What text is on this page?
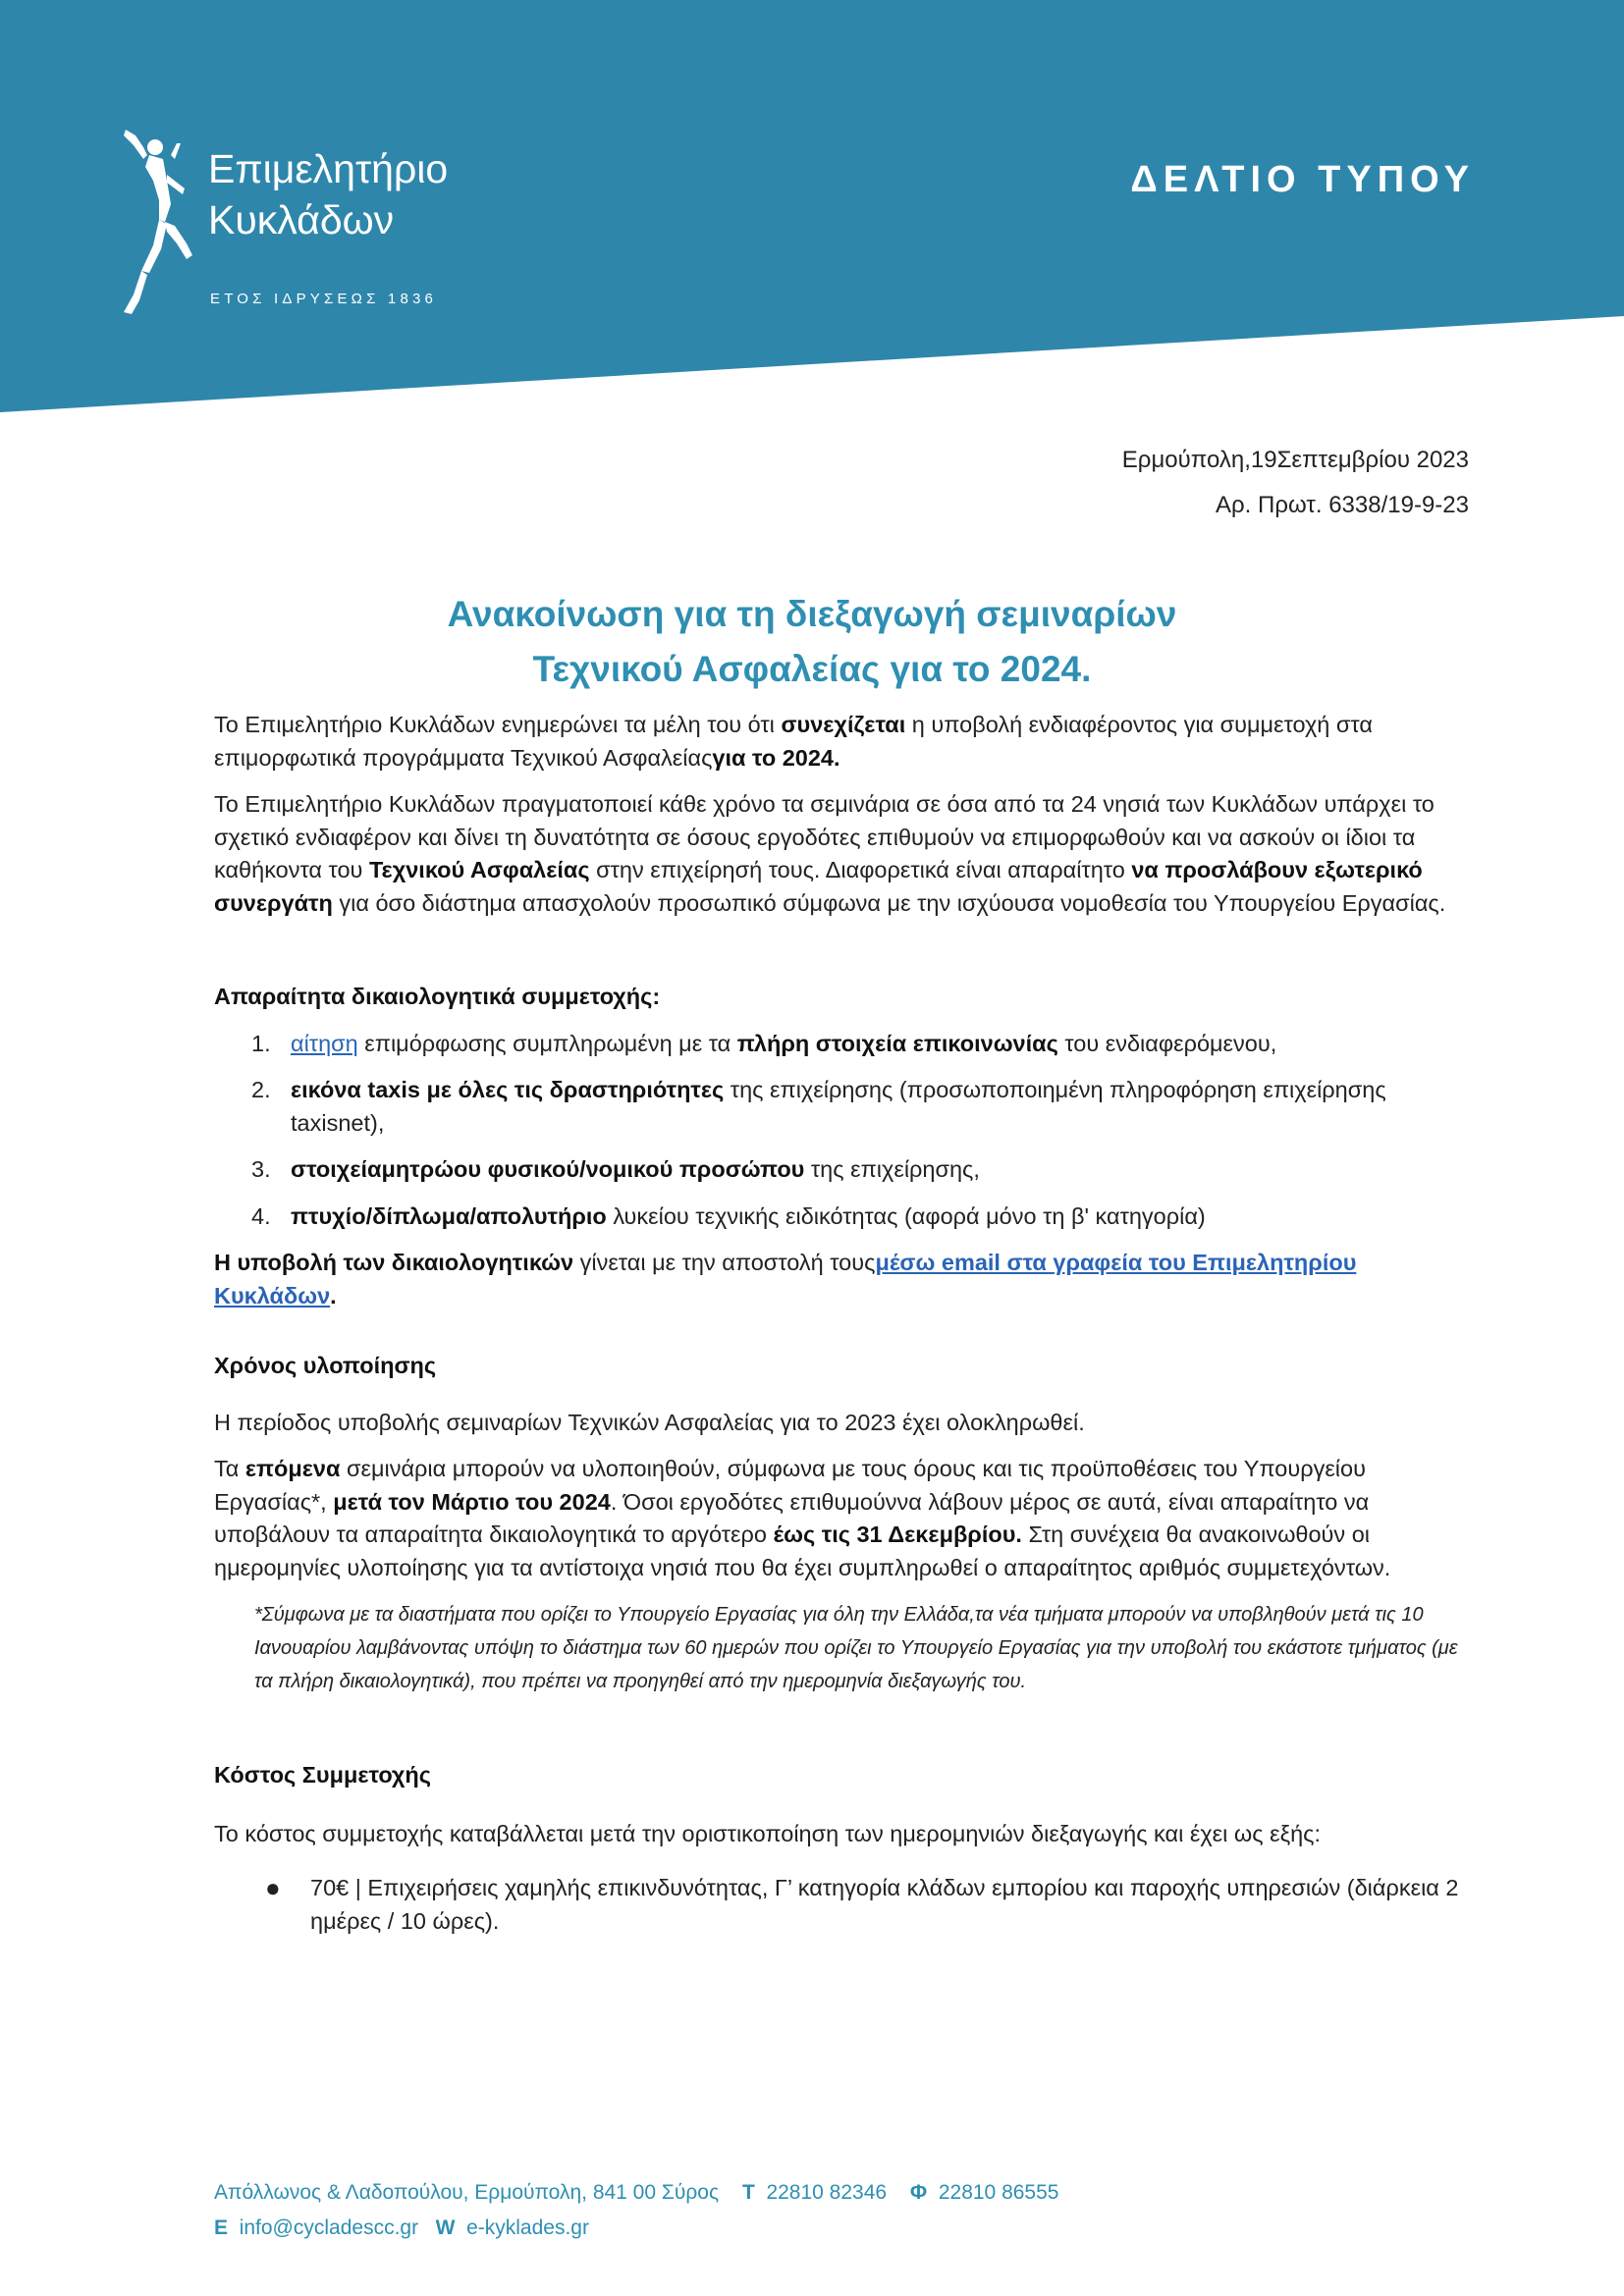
Επιμελητήριο
Κυκλάδων
ΕΤΟΣ ΙΔΡΥΣΕΩΣ 1836
ΔΕΛΤΙΟ ΤΥΠΟΥ
Ερμούπολη,19Σεπτεμβρίου 2023
Αρ. Πρωτ. 6338/19-9-23
Ανακοίνωση για τη διεξαγωγή σεμιναρίων
Τεχνικού Ασφαλείας για το 2024.

Το Επιμελητήριο Κυκλάδων ενημερώνει τα μέλη του ότι συνεχίζεται η υποβολή ενδιαφέροντος για συμμετοχή στα επιμορφωτικά προγράμματα Τεχνικού Ασφαλείαςγια το 2024.

Το Επιμελητήριο Κυκλάδων πραγματοποιεί κάθε χρόνο τα σεμινάρια σε όσα από τα 24 νησιά των Κυκλάδων υπάρχει το σχετικό ενδιαφέρον και δίνει τη δυνατότητα σε όσους εργοδότες επιθυμούν να επιμορφωθούν και να ασκούν οι ίδιοι τα καθήκοντα του Τεχνικού Ασφαλείας στην επιχείρησή τους. Διαφορετικά είναι απαραίτητο να προσλάβουν εξωτερικό συνεργάτη για όσο διάστημα απασχολούν προσωπικό σύμφωνα με την ισχύουσα νομοθεσία του Υπουργείου Εργασίας.

Απαραίτητα δικαιολογητικά συμμετοχής:

1. αίτηση επιμόρφωσης συμπληρωμένη με τα πλήρη στοιχεία επικοινωνίας του ενδιαφερόμενου,
2. εικόνα taxis με όλες τις δραστηριότητες της επιχείρησης (προσωποποιημένη πληροφόρηση επιχείρησης taxisnet),
3. στοιχείαμητρώου φυσικού/νομικού προσώπου της επιχείρησης,
4. πτυχίο/δίπλωμα/απολυτήριο λυκείου τεχνικής ειδικότητας (αφορά μόνο τη β' κατηγορία)

Η υποβολή των δικαιολογητικών γίνεται με την αποστολή τουςμέσω email στα γραφεία του Επιμελητηρίου Κυκλάδων.

Χρόνος υλοποίησης

Η περίοδος υποβολής σεμιναρίων Τεχνικών Ασφαλείας για το 2023 έχει ολοκληρωθεί.

Τα επόμενα σεμινάρια μπορούν να υλοποιηθούν, σύμφωνα με τους όρους και τις προϋποθέσεις του Υπουργείου Εργασίας*, μετά τον Μάρτιο του 2024. Όσοι εργοδότες επιθυμούννα λάβουν μέρος σε αυτά, είναι απαραίτητο να υποβάλουν τα απαραίτητα δικαιολογητικά το αργότερο έως τις 31 Δεκεμβρίου. Στη συνέχεια θα ανακοινωθούν οι ημερομηνίες υλοποίησης για τα αντίστοιχα νησιά που θα έχει συμπληρωθεί ο απαραίτητος αριθμός συμμετεχόντων.

*Σύμφωνα με τα διαστήματα που ορίζει το Υπουργείο Εργασίας για όλη την Ελλάδα,τα νέα τμήματα μπορούν να υποβληθούν μετά τις 10 Ιανουαρίου λαμβάνοντας υπόψη το διάστημα των 60 ημερών που ορίζει το Υπουργείο Εργασίας για την υποβολή του εκάστοτε τμήματος (με τα πλήρη δικαιολογητικά), που πρέπει να προηγηθεί από την ημερομηνία διεξαγωγής του.

Κόστος Συμμετοχής

Το κόστος συμμετοχής καταβάλλεται μετά την οριστικοποίηση των ημερομηνιών διεξαγωγής και έχει ως εξής:

● 70€ | Επιχειρήσεις χαμηλής επικινδυνότητας, Γ’ κατηγορία κλάδων εμπορίου και παροχής υπηρεσιών (διάρκεια 2 ημέρες / 10 ώρες).
Απόλλωνος & Λαδοπούλου, Ερμούπολη, 841 00 Σύρος Τ 22810 82346 Φ 22810 86555
E info@cycladescc.gr W e-kyklades.gr
